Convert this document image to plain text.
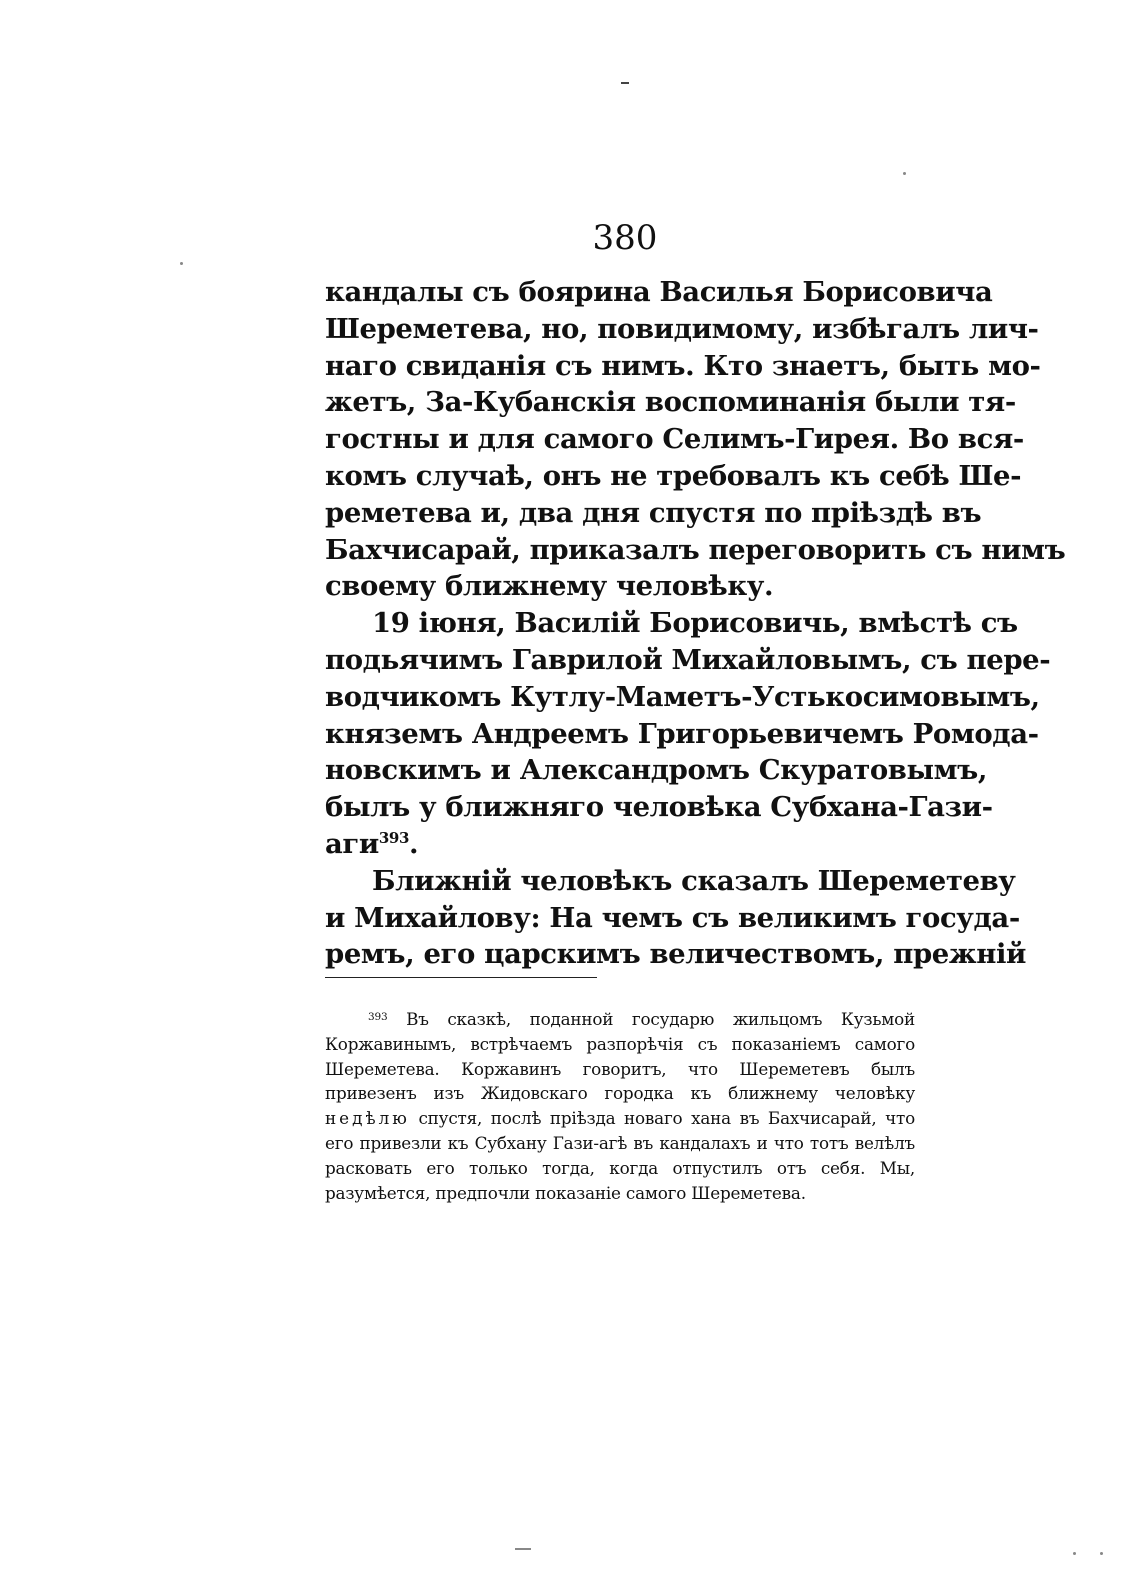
380

кандалы съ боярина Василья Борисовича
Шереметева, но, повидимому, избѣгалъ лич-
наго свиданія съ нимъ. Кто знаетъ, быть мо-
жетъ, За-Кубанскія воспоминанія были тя-
гостны и для самого Селимъ-Гирея. Во вся-
комъ случаѣ, онъ не требовалъ къ себѣ Ше-
реметева и, два дня спустя по пріѣздѣ въ
Бахчисарай, приказалъ переговорить съ нимъ
своему ближнему человѣку.

19 іюня, Василій Борисовичь, вмѣстѣ съ
подьячимъ Гаврилой Михайловымъ, съ пере-
водчикомъ Кутлу-Маметъ-Устькосимовымъ,
княземъ Андреемъ Григорьевичемъ Ромода-
новскимъ и Александромъ Скуратовымъ,
былъ у ближняго человѣка Субхана-Гази-
аги$^{393}$.

Ближній человѣкъ сказалъ Шереметеву
и Михайлову: На чемъ съ великимъ госуда-
ремъ, его царскимъ величествомъ, прежній

$^{393}$ Въ сказкѣ, поданной государю жильцомъ Кузьмой Коржавинымъ, встрѣчаемъ разпорѣчія съ показаніемъ самого Шереметева. Коржавинъ говоритъ, что Шереметевъ былъ привезенъ изъ Жидовскаго городка къ ближнему человѣку недѣлю спустя, послѣ пріѣзда новаго хана въ Бахчисарай, что его привезли къ Субхану Гази-агѣ въ кандалахъ и что тотъ велѣлъ расковать его только тогда, когда отпустилъ отъ себя. Мы, разумѣется, предпочли показаніе самого Шереметева.
